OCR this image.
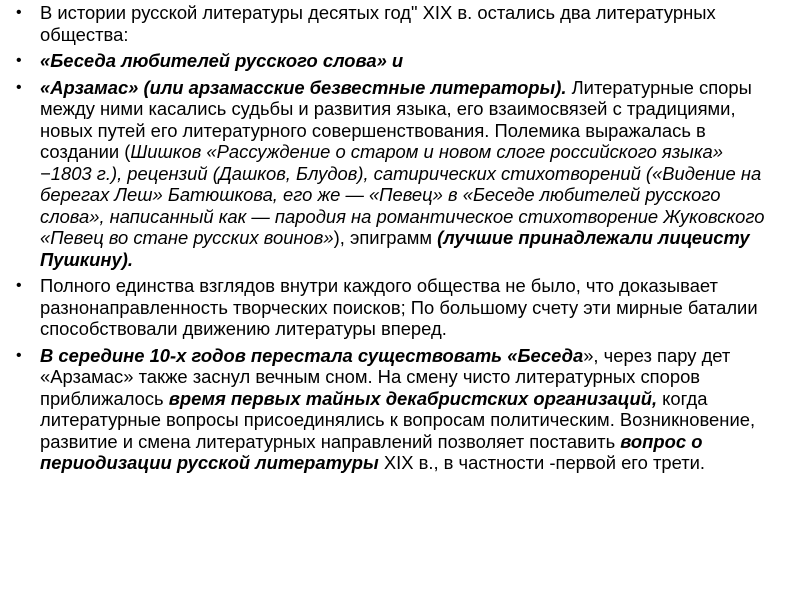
• В истории русской литературы десятых год" XIX в. остались два литературных общества:
• «Беседа любителей русского слова» и
• «Арзамас» (или арзамасские безвестные литераторы). Литературные споры между ними касались судьбы и развития языка, его взаимосвязей с традициями, новых путей его литературного совершенствования. Полемика выражалась в создании (Шишков «Рассуждение о старом и новом слоге российского языка» −1803 г.), рецензий (Дашков, Блудов), сатирических стихотворений («Видение на берегах Леш» Батюшкова, его же — «Певец» в «Беседе любителей русского слова», написанный как — пародия на романтическое стихотворение Жуковского «Певец во стане русских воинов»), эпиграмм (лучшие принадлежали лицеисту Пушкину).
• Полного единства взглядов внутри каждого общества не было, что доказывает разнонаправленность творческих поисков; По большому счету эти мирные баталии способствовали движению литературы вперед.
• В середине 10-х годов перестала существовать «Беседа», через пару дет «Арзамас» также заснул вечным сном. На смену чисто литературных споров приближалось время первых тайных декабристских организаций, когда литературные вопросы присоединялись к вопросам политическим. Возникновение, развитие и смена литературных направлений позволяет поставить вопрос о периодизации русской литературы XIX в., в частности -первой его трети.
